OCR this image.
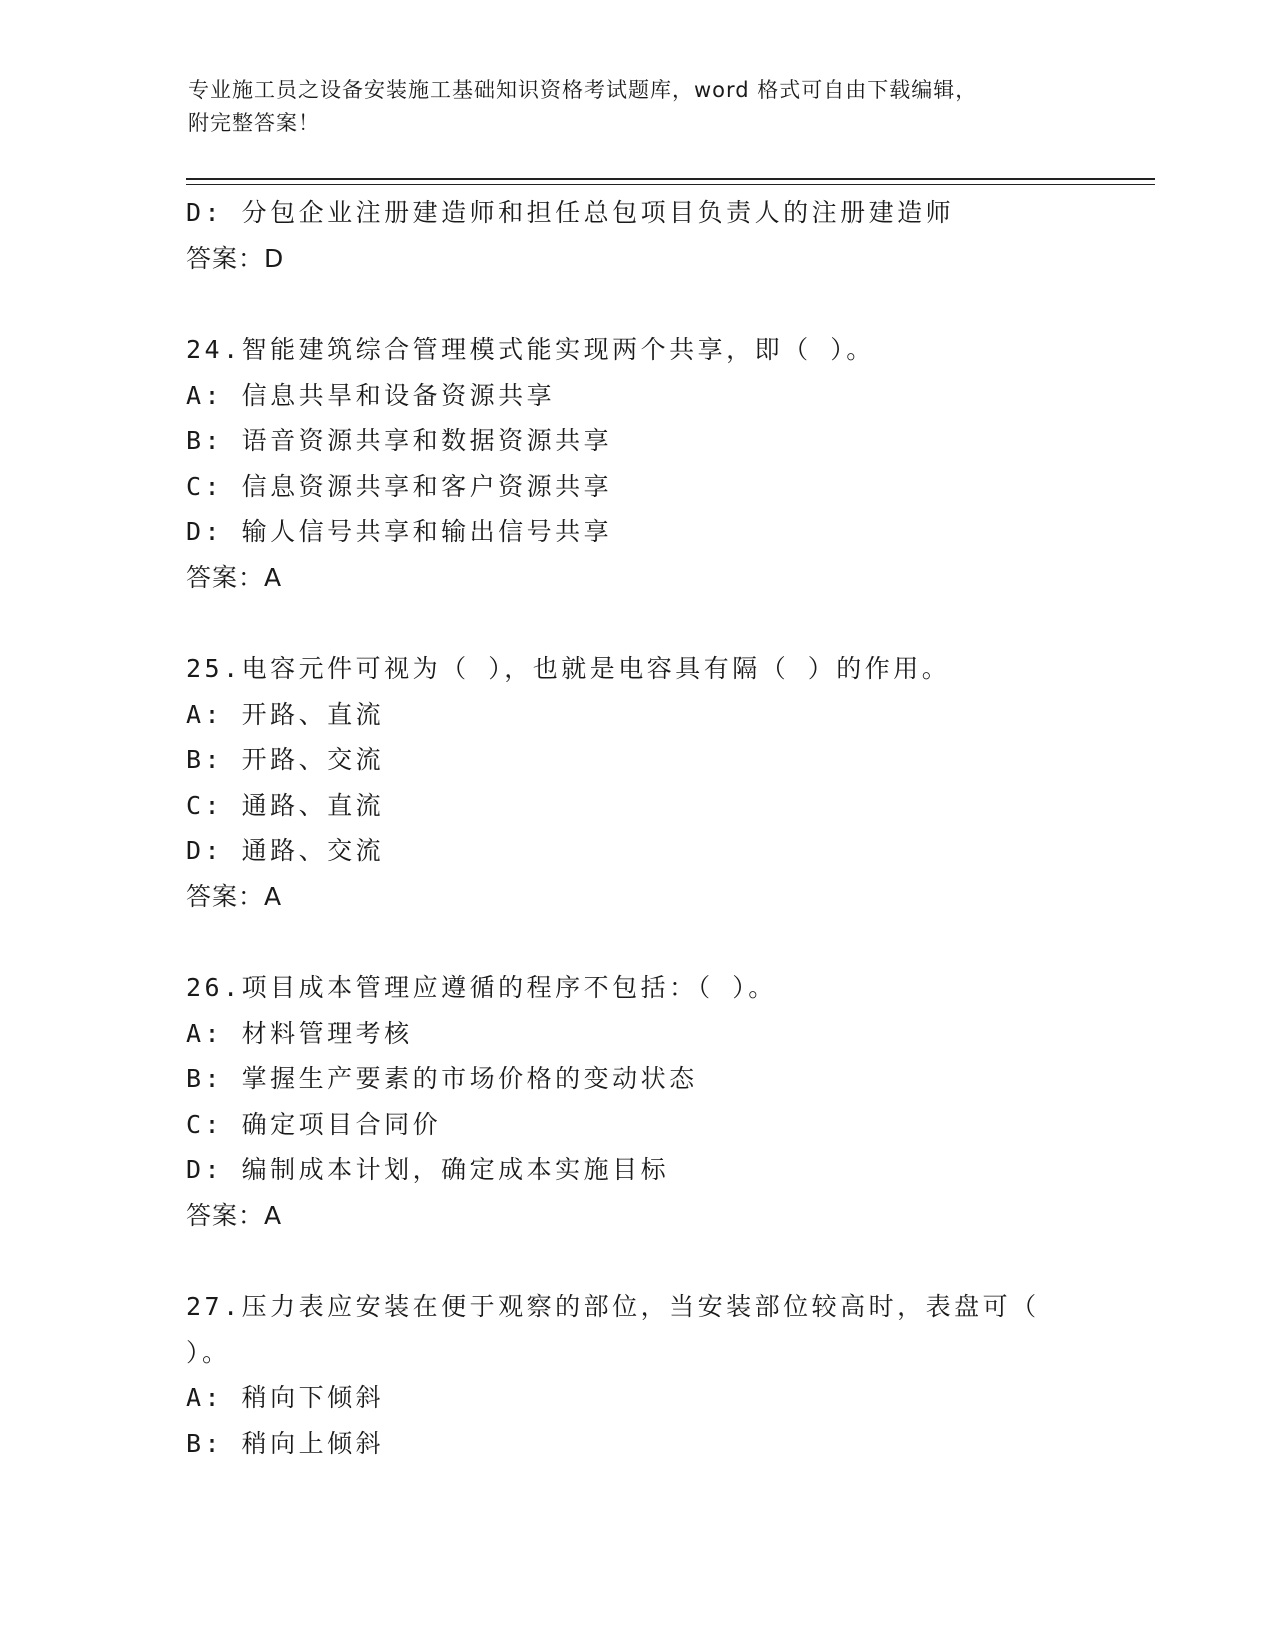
专业施工员之设备安装施工基础知识资格考试题库，word 格式可自由下载编辑，
附完整答案！
D: 分包企业注册建造师和担任总包项目负责人的注册建造师
答案：D
24.智能建筑综合管理模式能实现两个共享，即（ ）。
A: 信息共旱和设备资源共享
B: 语音资源共享和数据资源共享
C: 信息资源共享和客户资源共享
D: 输人信号共享和输出信号共享
答案：A
25.电容元件可视为（ ），也就是电容具有隔（ ）的作用。
A: 开路、直流
B: 开路、交流
C: 通路、直流
D: 通路、交流
答案：A
26.项目成本管理应遵循的程序不包括：（ ）。
A: 材料管理考核
B: 掌握生产要素的市场价格的变动状态
C: 确定项目合同价
D: 编制成本计划，确定成本实施目标
答案：A
27.压力表应安装在便于观察的部位，当安装部位较高时，表盘可（
）。
A: 稍向下倾斜
B: 稍向上倾斜
